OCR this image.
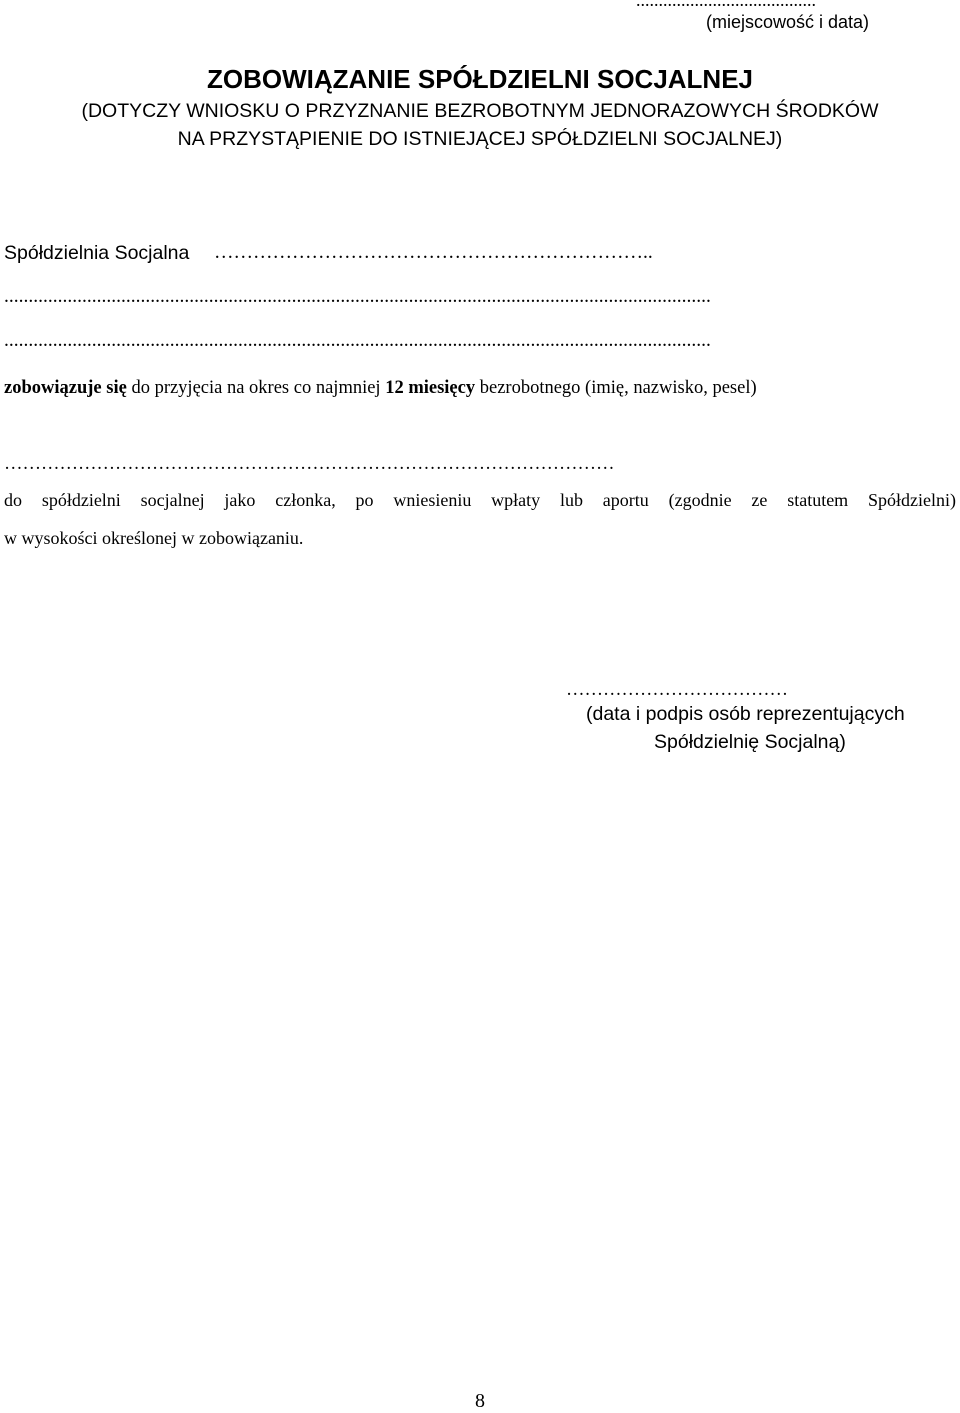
........................................
(miejscowość i data)
ZOBOWIĄZANIE SPÓŁDZIELNI SOCJALNEJ
(DOTYCZY WNIOSKU O PRZYZNANIE BEZROBOTNYM JEDNORAZOWYCH ŚRODKÓW
NA PRZYSTĄPIENIE DO ISTNIEJĄCEJ SPÓŁDZIELNI SOCJALNEJ)
Spółdzielnia Socjalna …………………………………………………………..
.................................................................................................................................................
.................................................................................................................................................
zobowiązuje się do przyjęcia na okres co najmniej 12 miesięcy bezrobotnego (imię, nazwisko, pesel)
………………………………………………………………………………………
do spółdzielni socjalnej jako członka, po wniesieniu wpłaty lub aportu (zgodnie ze statutem Spółdzielni)
w wysokości określonej w zobowiązaniu.
………………………………
(data i podpis osób reprezentujących
Spółdzielnię Socjalną)
8
